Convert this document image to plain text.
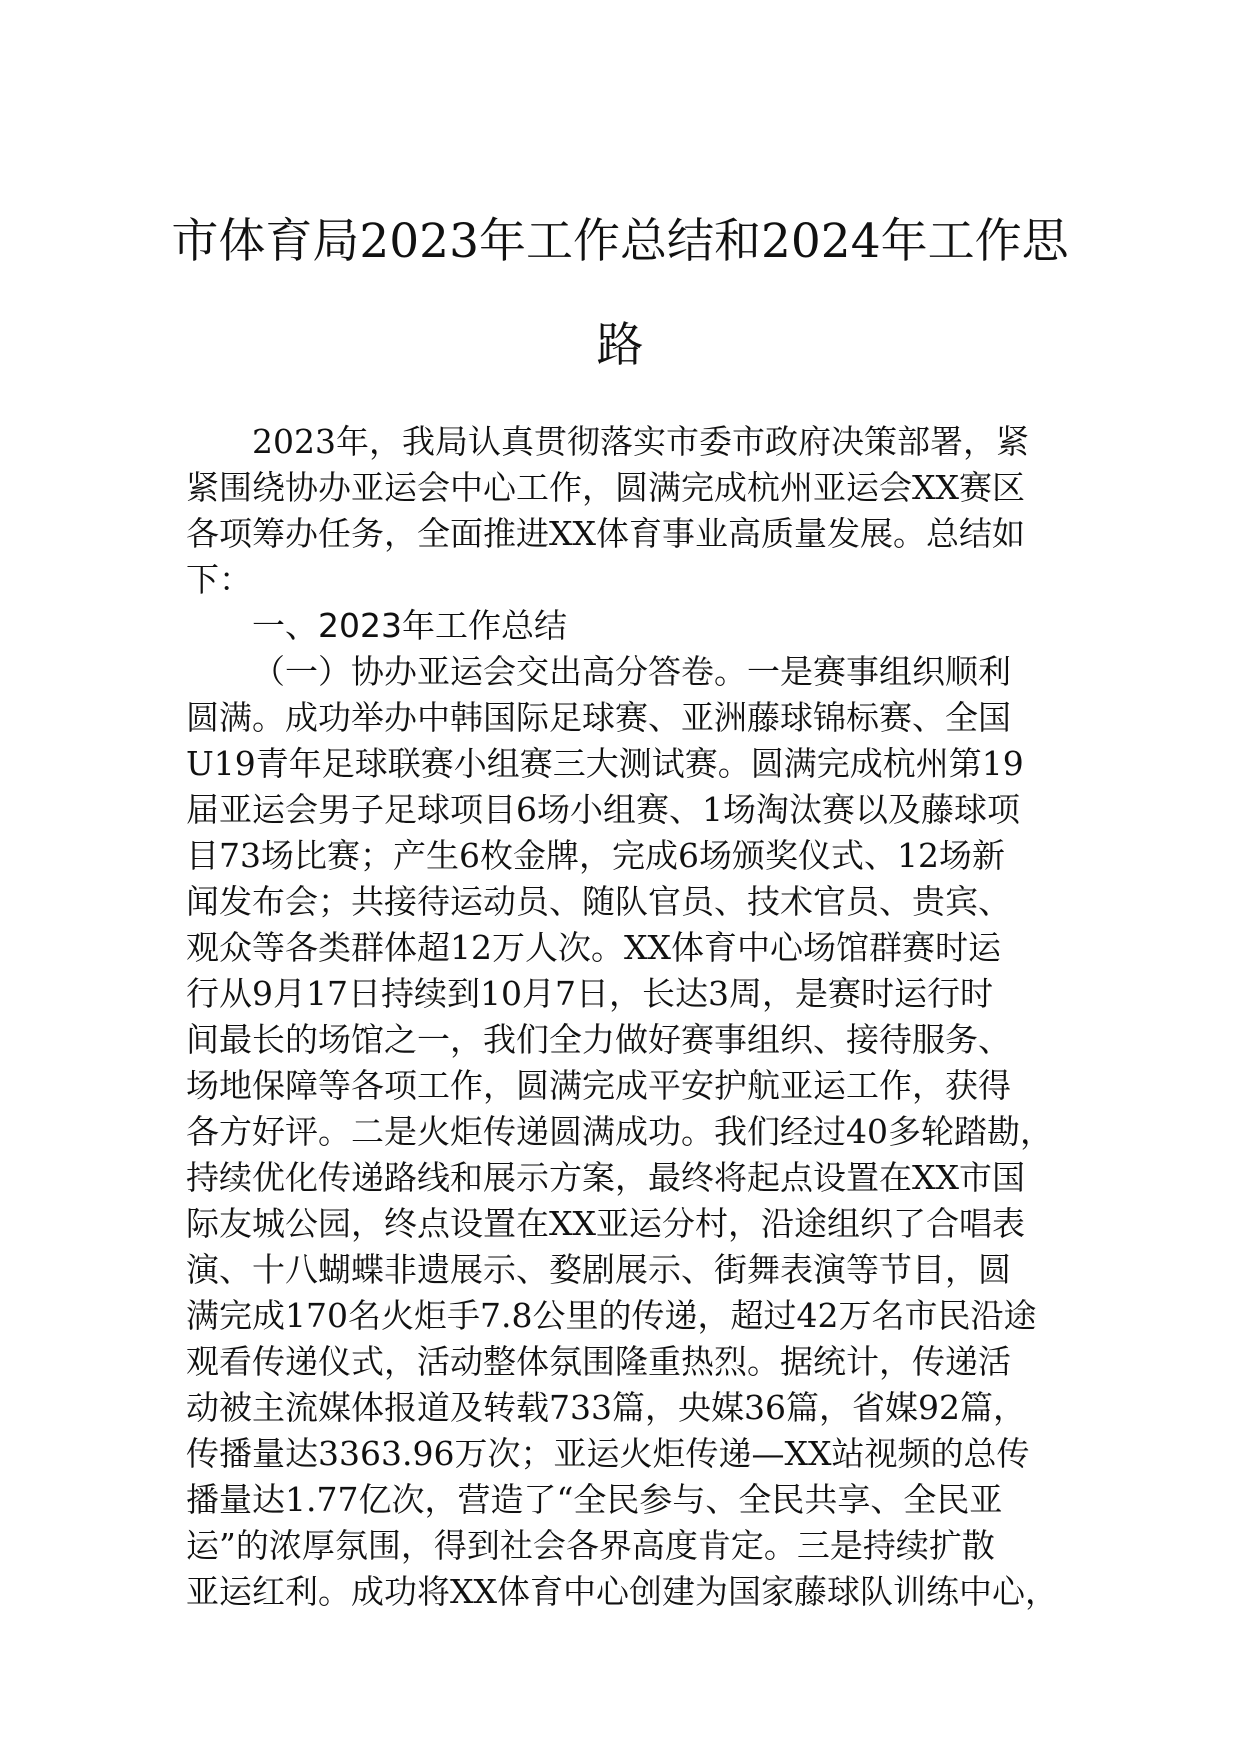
市体育局2023年工作总结和2024年工作思
路
2023年，我局认真贯彻落实市委市政府决策部署，紧
紧围绕协办亚运会中心工作，圆满完成杭州亚运会XX赛区
各项筹办任务，全面推进XX体育事业高质量发展。总结如
下：
一、2023年工作总结
（一）协办亚运会交出高分答卷。一是赛事组织顺利
圆满。成功举办中韩国际足球赛、亚洲藤球锦标赛、全国
U19青年足球联赛小组赛三大测试赛。圆满完成杭州第19
届亚运会男子足球项目6场小组赛、1场淘汰赛以及藤球项
目73场比赛；产生6枚金牌，完成6场颁奖仪式、12场新
闻发布会；共接待运动员、随队官员、技术官员、贵宾、
观众等各类群体超12万人次。XX体育中心场馆群赛时运
行从9月17日持续到10月7日，长达3周，是赛时运行时
间最长的场馆之一，我们全力做好赛事组织、接待服务、
场地保障等各项工作，圆满完成平安护航亚运工作，获得
各方好评。二是火炬传递圆满成功。我们经过40多轮踏勘，
持续优化传递路线和展示方案，最终将起点设置在XX市国
际友城公园，终点设置在XX亚运分村，沿途组织了合唱表
演、十八蝴蝶非遗展示、婺剧展示、街舞表演等节目，圆
满完成170名火炬手7.8公里的传递，超过42万名市民沿途
观看传递仪式，活动整体氛围隆重热烈。据统计，传递活
动被主流媒体报道及转载733篇，央媒36篇，省媒92篇，
传播量达3363.96万次；亚运火炬传递—XX站视频的总传
播量达1.77亿次，营造了“全民参与、全民共享、全民亚
运”的浓厚氛围，得到社会各界高度肯定。三是持续扩散
亚运红利。成功将XX体育中心创建为国家藤球队训练中心，
